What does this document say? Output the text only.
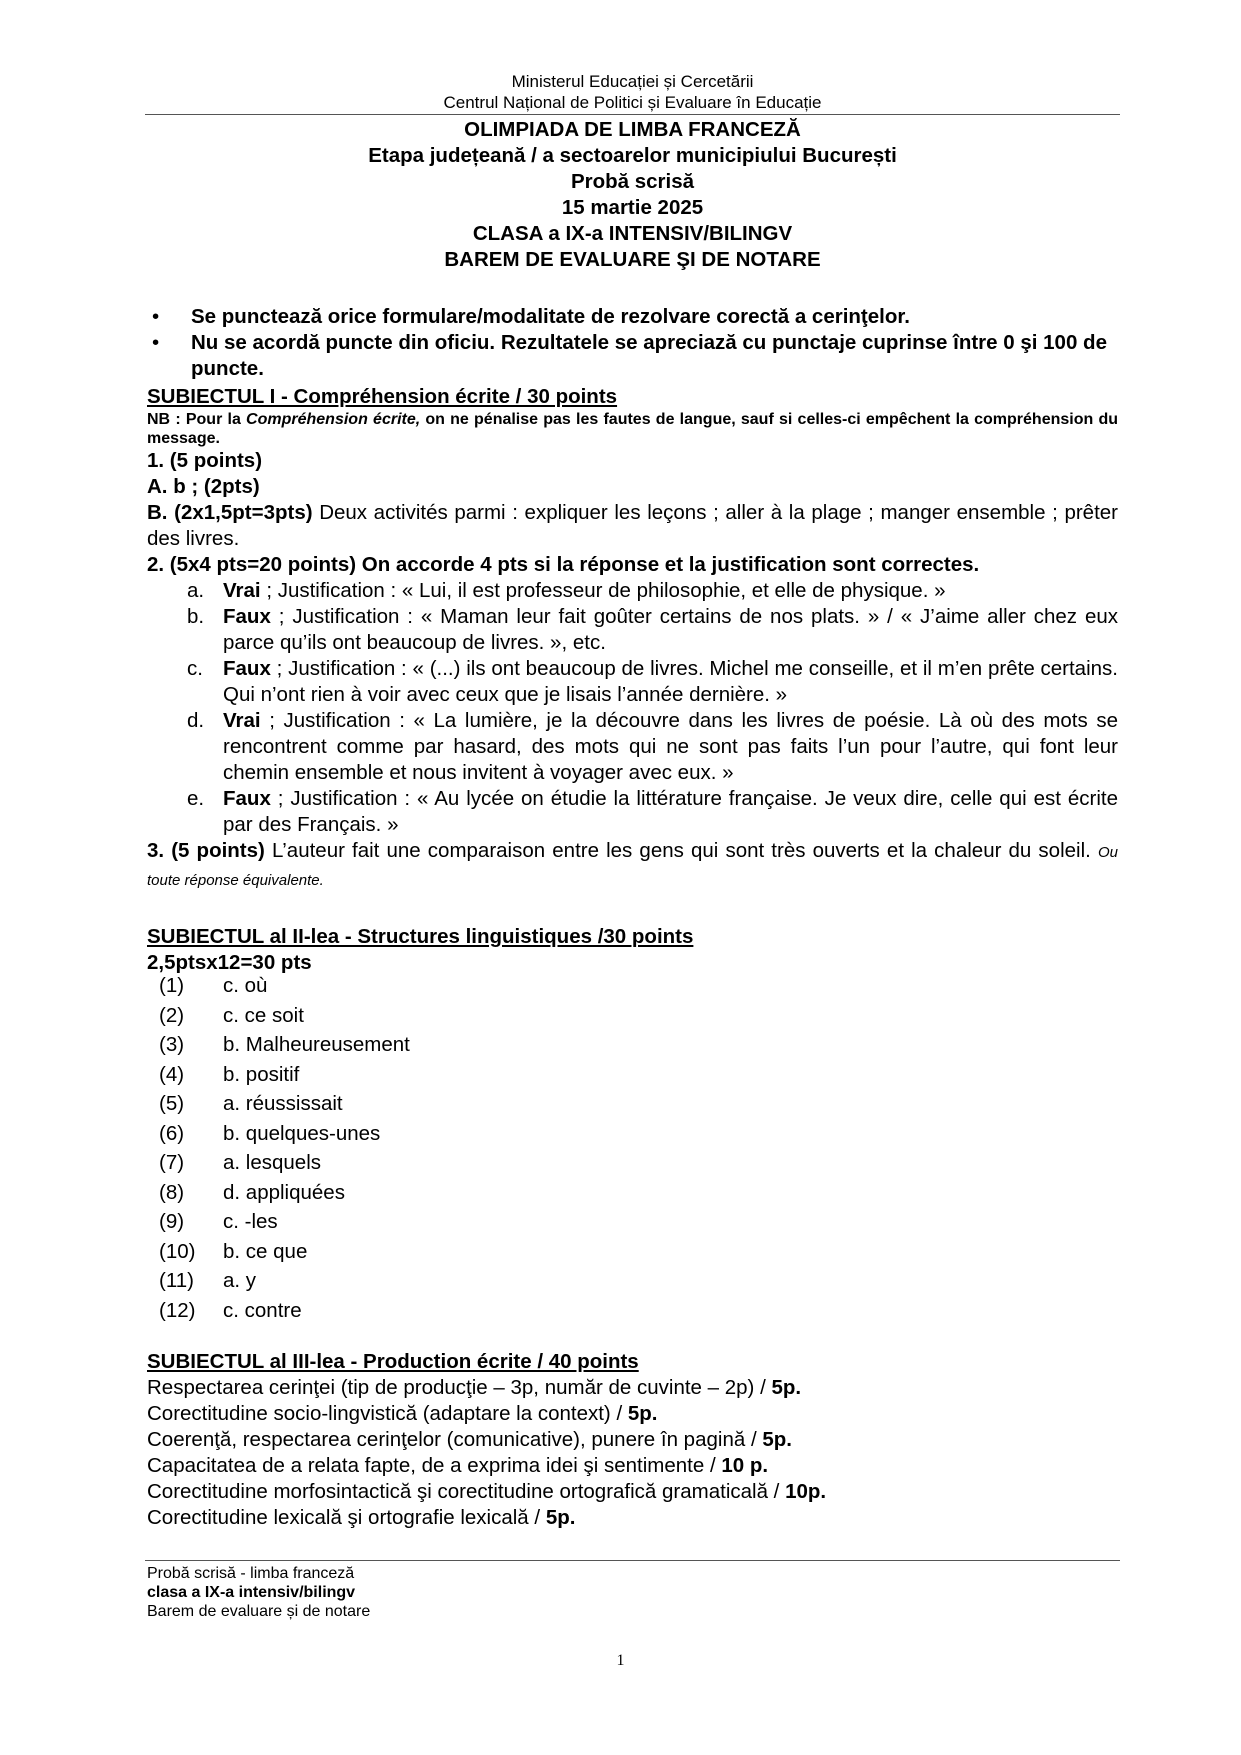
Ministerul Educației și Cercetării
Centrul Național de Politici și Evaluare în Educație
OLIMPIADA DE LIMBA FRANCEZĂ
Etapa județeană / a sectoarelor municipiului București
Probă scrisă
15 martie 2025
CLASA a IX-a INTENSIV/BILINGV
BAREM DE EVALUARE ŞI DE NOTARE
• Se punctează orice formulare/modalitate de rezolvare corectă a cerinţelor.
• Nu se acordă puncte din oficiu. Rezultatele se apreciază cu punctaje cuprinse între 0 şi 100 de puncte.
SUBIECTUL I - Compréhension écrite / 30 points
NB : Pour la Compréhension écrite, on ne pénalise pas les fautes de langue, sauf si celles-ci empêchent la compréhension du message.
1. (5 points)
A. b ; (2pts)
B. (2x1,5pt=3pts) Deux activités parmi : expliquer les leçons ; aller à la plage ; manger ensemble ; prêter des livres.
2. (5x4 pts=20 points) On accorde 4 pts si la réponse et la justification sont correctes.
a. Vrai ; Justification : « Lui, il est professeur de philosophie, et elle de physique. »
b. Faux ; Justification : « Maman leur fait goûter certains de nos plats. » / « J’aime aller chez eux parce qu’ils ont beaucoup de livres. », etc.
c. Faux ; Justification : « (...) ils ont beaucoup de livres. Michel me conseille, et il m’en prête certains. Qui n’ont rien à voir avec ceux que je lisais l’année dernière. »
d. Vrai ; Justification : « La lumière, je la découvre dans les livres de poésie. Là où des mots se rencontrent comme par hasard, des mots qui ne sont pas faits l’un pour l’autre, qui font leur chemin ensemble et nous invitent à voyager avec eux. »
e. Faux ; Justification : « Au lycée on étudie la littérature française. Je veux dire, celle qui est écrite par des Français. »
3. (5 points) L’auteur fait une comparaison entre les gens qui sont très ouverts et la chaleur du soleil. Ou toute réponse équivalente.
SUBIECTUL al II-lea - Structures linguistiques /30 points
2,5ptsx12=30 pts
(1)	c. où
(2)	c. ce soit
(3)	b. Malheureusement
(4)	b. positif
(5)	a. réussissait
(6)	b. quelques-unes
(7)	a. lesquels
(8)	d. appliquées
(9)	c. -les
(10)	b. ce que
(11)	a. y
(12)	c. contre
SUBIECTUL al III-lea - Production écrite / 40 points
Respectarea cerinţei (tip de producţie – 3p, număr de cuvinte – 2p) / 5p.
Corectitudine socio-lingvistică (adaptare la context) / 5p.
Coerenţă, respectarea cerinţelor (comunicative), punere în pagină / 5p.
Capacitatea de a relata fapte, de a exprima idei şi sentimente / 10 p.
Corectitudine morfosintactică şi corectitudine ortografică gramaticală / 10p.
Corectitudine lexicală şi ortografie lexicală / 5p.
Probă scrisă - limba franceză
clasa a IX-a intensiv/bilingv
Barem de evaluare și de notare
1
